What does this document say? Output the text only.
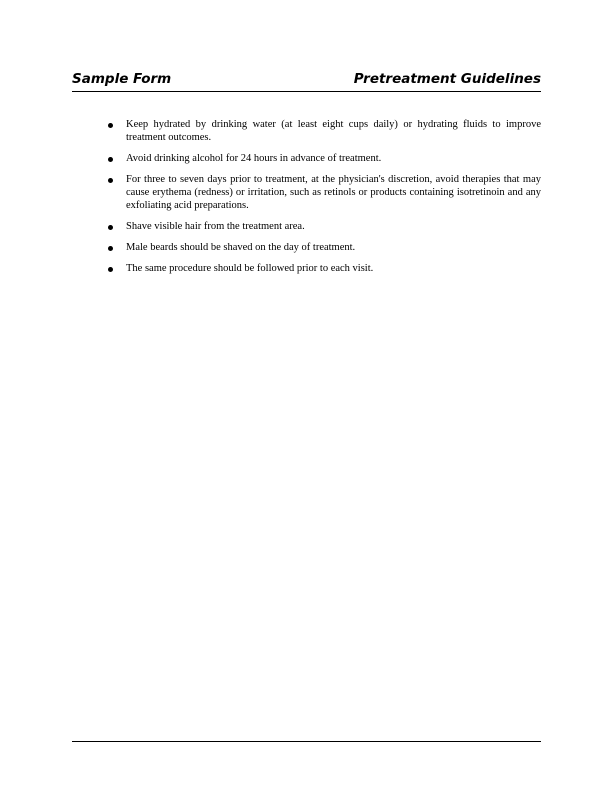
Sample Form	Pretreatment Guidelines
Keep hydrated by drinking water (at least eight cups daily) or hydrating fluids to improve treatment outcomes.
Avoid drinking alcohol for 24 hours in advance of treatment.
For three to seven days prior to treatment, at the physician's discretion, avoid therapies that may cause erythema (redness) or irritation, such as retinols or products containing isotretinoin and any exfoliating acid preparations.
Shave visible hair from the treatment area.
Male beards should be shaved on the day of treatment.
The same procedure should be followed prior to each visit.
